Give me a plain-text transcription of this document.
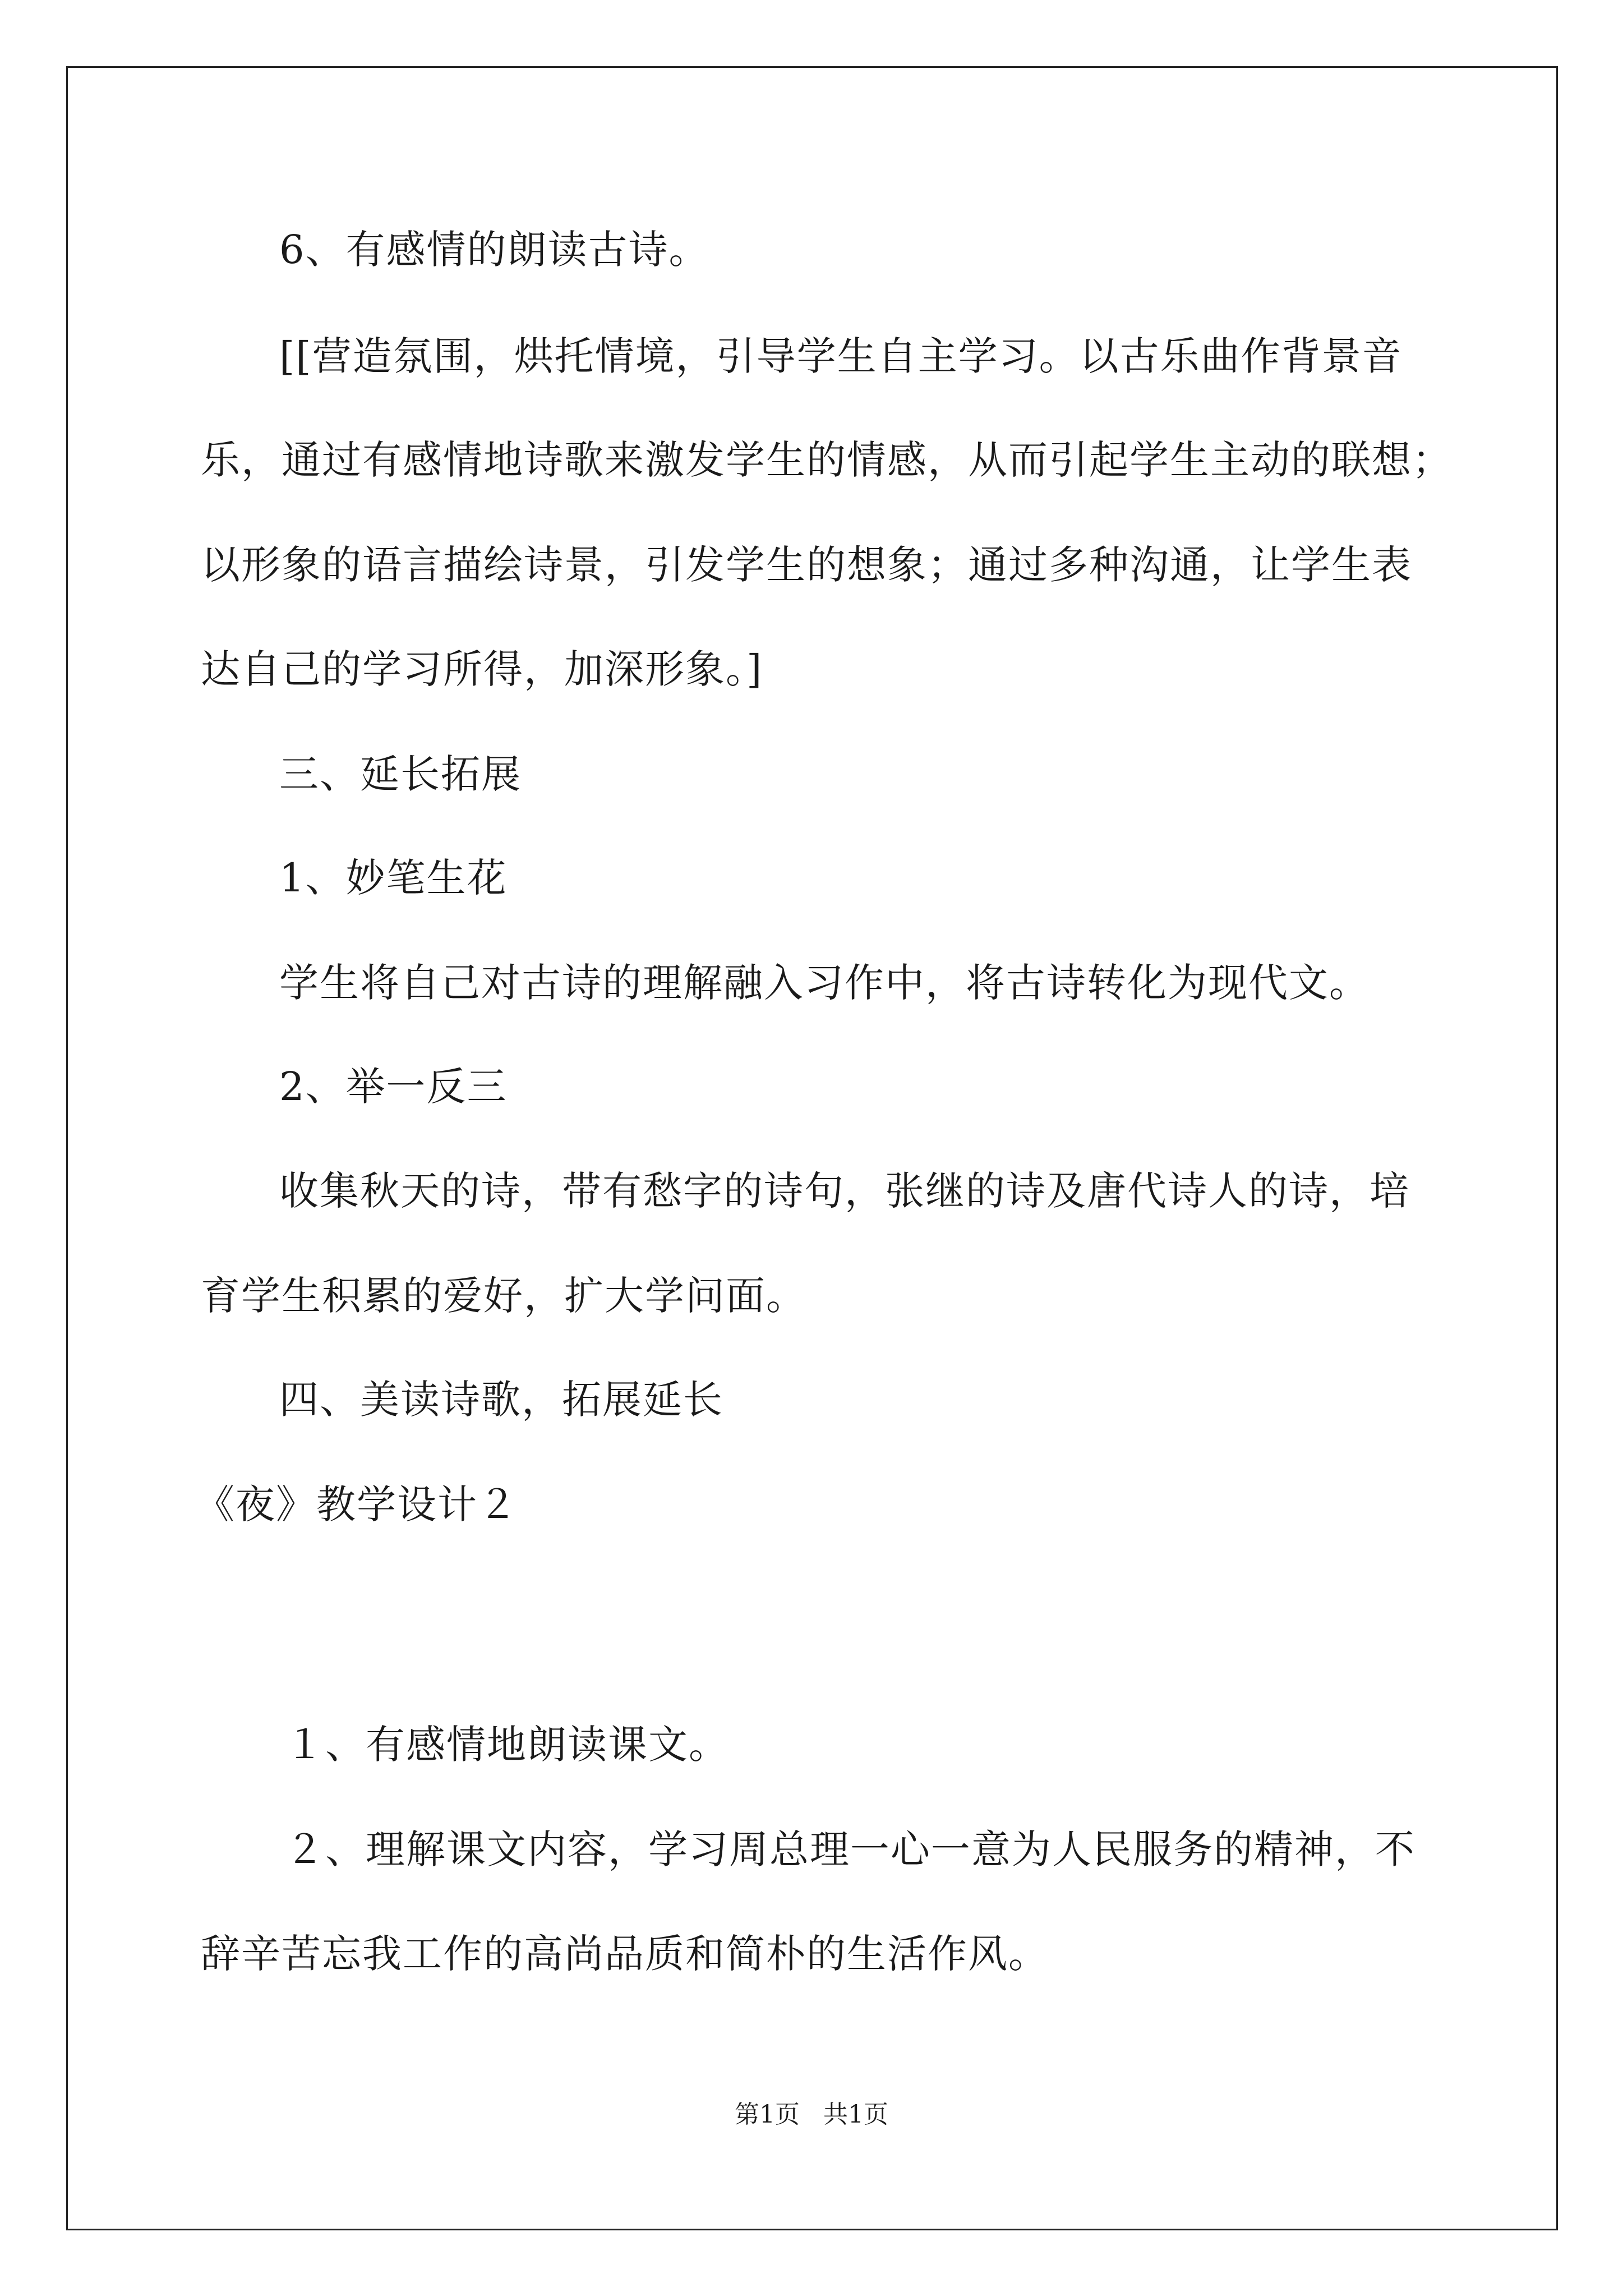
6、有感情的朗读古诗。
[[营造氛围，烘托情境，引导学生自主学习。以古乐曲作背景音
乐，通过有感情地诗歌来激发学生的情感，从而引起学生主动的联想；
以形象的语言描绘诗景，引发学生的想象；通过多种沟通，让学生表
达自己的学习所得，加深形象。]
三、延长拓展
1、妙笔生花
学生将自己对古诗的理解融入习作中，将古诗转化为现代文。
2、举一反三
收集秋天的诗，带有愁字的诗句，张继的诗及唐代诗人的诗，培
育学生积累的爱好，扩大学问面。
四、美读诗歌，拓展延长
《夜》教学设计２
１、有感情地朗读课文。
２、理解课文内容，学习周总理一心一意为人民服务的精神，不
辞辛苦忘我工作的高尚品质和简朴的生活作风。
第1页   共1页
